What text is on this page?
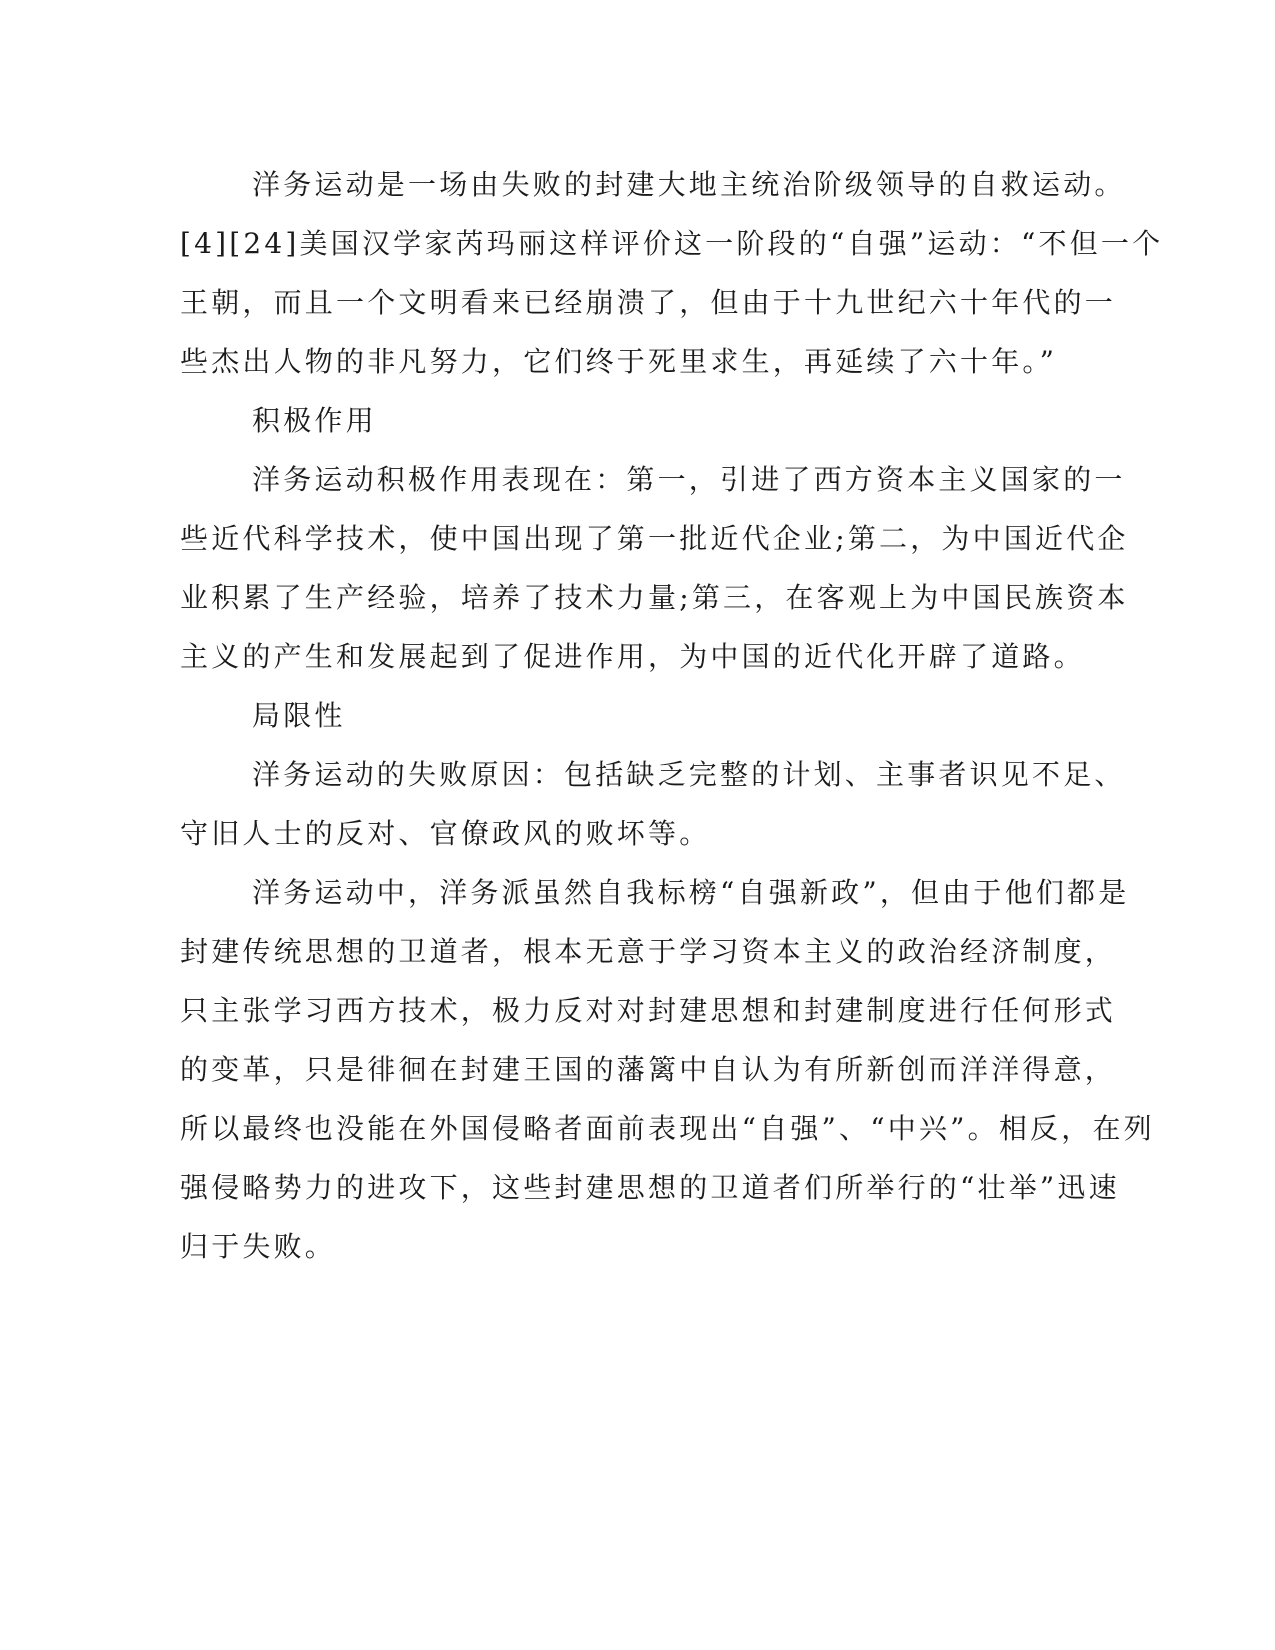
洋务运动是一场由失败的封建大地主统治阶级领导的自救运动。
[4][24]美国汉学家芮玛丽这样评价这一阶段的“自强”运动：“不但一个
王朝，而且一个文明看来已经崩溃了，但由于十九世纪六十年代的一
些杰出人物的非凡努力，它们终于死里求生，再延续了六十年。”
积极作用
洋务运动积极作用表现在：第一，引进了西方资本主义国家的一
些近代科学技术，使中国出现了第一批近代企业;第二，为中国近代企
业积累了生产经验，培养了技术力量;第三，在客观上为中国民族资本
主义的产生和发展起到了促进作用，为中国的近代化开辟了道路。
局限性
洋务运动的失败原因：包括缺乏完整的计划、主事者识见不足、
守旧人士的反对、官僚政风的败坏等。
洋务运动中，洋务派虽然自我标榜“自强新政”，但由于他们都是
封建传统思想的卫道者，根本无意于学习资本主义的政治经济制度，
只主张学习西方技术，极力反对对封建思想和封建制度进行任何形式
的变革，只是徘徊在封建王国的藩篱中自认为有所新创而洋洋得意，
所以最终也没能在外国侵略者面前表现出“自强”、“中兴”。相反，在列
强侵略势力的进攻下，这些封建思想的卫道者们所举行的“壮举”迅速
归于失败。
